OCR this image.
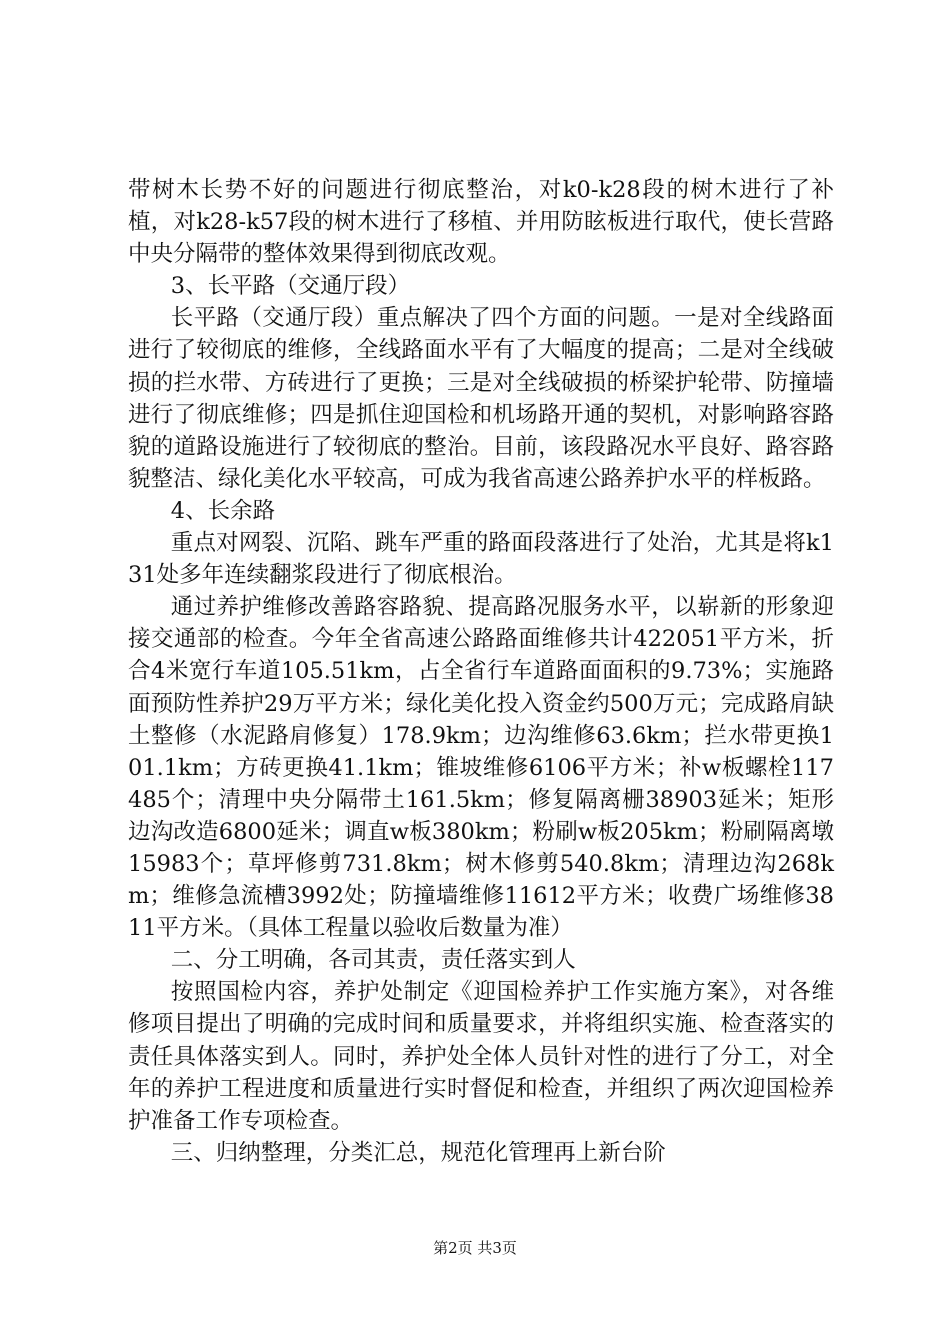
带树木长势不好的问题进行彻底整治，对k0-k28段的树木进行了补植，对k28-k57段的树木进行了移植、并用防眩板进行取代，使长营路中央分隔带的整体效果得到彻底改观。

3、长平路（交通厅段）

长平路（交通厅段）重点解决了四个方面的问题。一是对全线路面进行了较彻底的维修，全线路面水平有了大幅度的提高；二是对全线破损的拦水带、方砖进行了更换；三是对全线破损的桥梁护轮带、防撞墙进行了彻底维修；四是抓住迎国检和机场路开通的契机，对影响路容路貌的道路设施进行了较彻底的整治。目前，该段路况水平良好、路容路貌整洁、绿化美化水平较高，可成为我省高速公路养护水平的样板路。

4、长余路

重点对网裂、沉陷、跳车严重的路面段落进行了处治，尤其是将k131处多年连续翻浆段进行了彻底根治。

通过养护维修改善路容路貌、提高路况服务水平，以崭新的形象迎接交通部的检查。今年全省高速公路路面维修共计422051平方米，折合4米宽行车道105.51km，占全省行车道路面面积的9.73%；实施路面预防性养护29万平方米；绿化美化投入资金约500万元；完成路肩缺土整修（水泥路肩修复）178.9km；边沟维修63.6km；拦水带更换101.1km；方砖更换41.1km；锥坡维修6106平方米；补w板螺栓117485个；清理中央分隔带土161.5km；修复隔离栅38903延米；矩形边沟改造6800延米；调直w板380km；粉刷w板205km；粉刷隔离墩15983个；草坪修剪731.8km；树木修剪540.8km；清理边沟268km；维修急流槽3992处；防撞墙维修11612平方米；收费广场维修3811平方米。（具体工程量以验收后数量为准）

二、分工明确，各司其责，责任落实到人

按照国检内容，养护处制定《迎国检养护工作实施方案》，对各维修项目提出了明确的完成时间和质量要求，并将组织实施、检查落实的责任具体落实到人。同时，养护处全体人员针对性的进行了分工，对全年的养护工程进度和质量进行实时督促和检查，并组织了两次迎国检养护准备工作专项检查。

三、归纳整理，分类汇总，规范化管理再上新台阶

第2页 共3页
